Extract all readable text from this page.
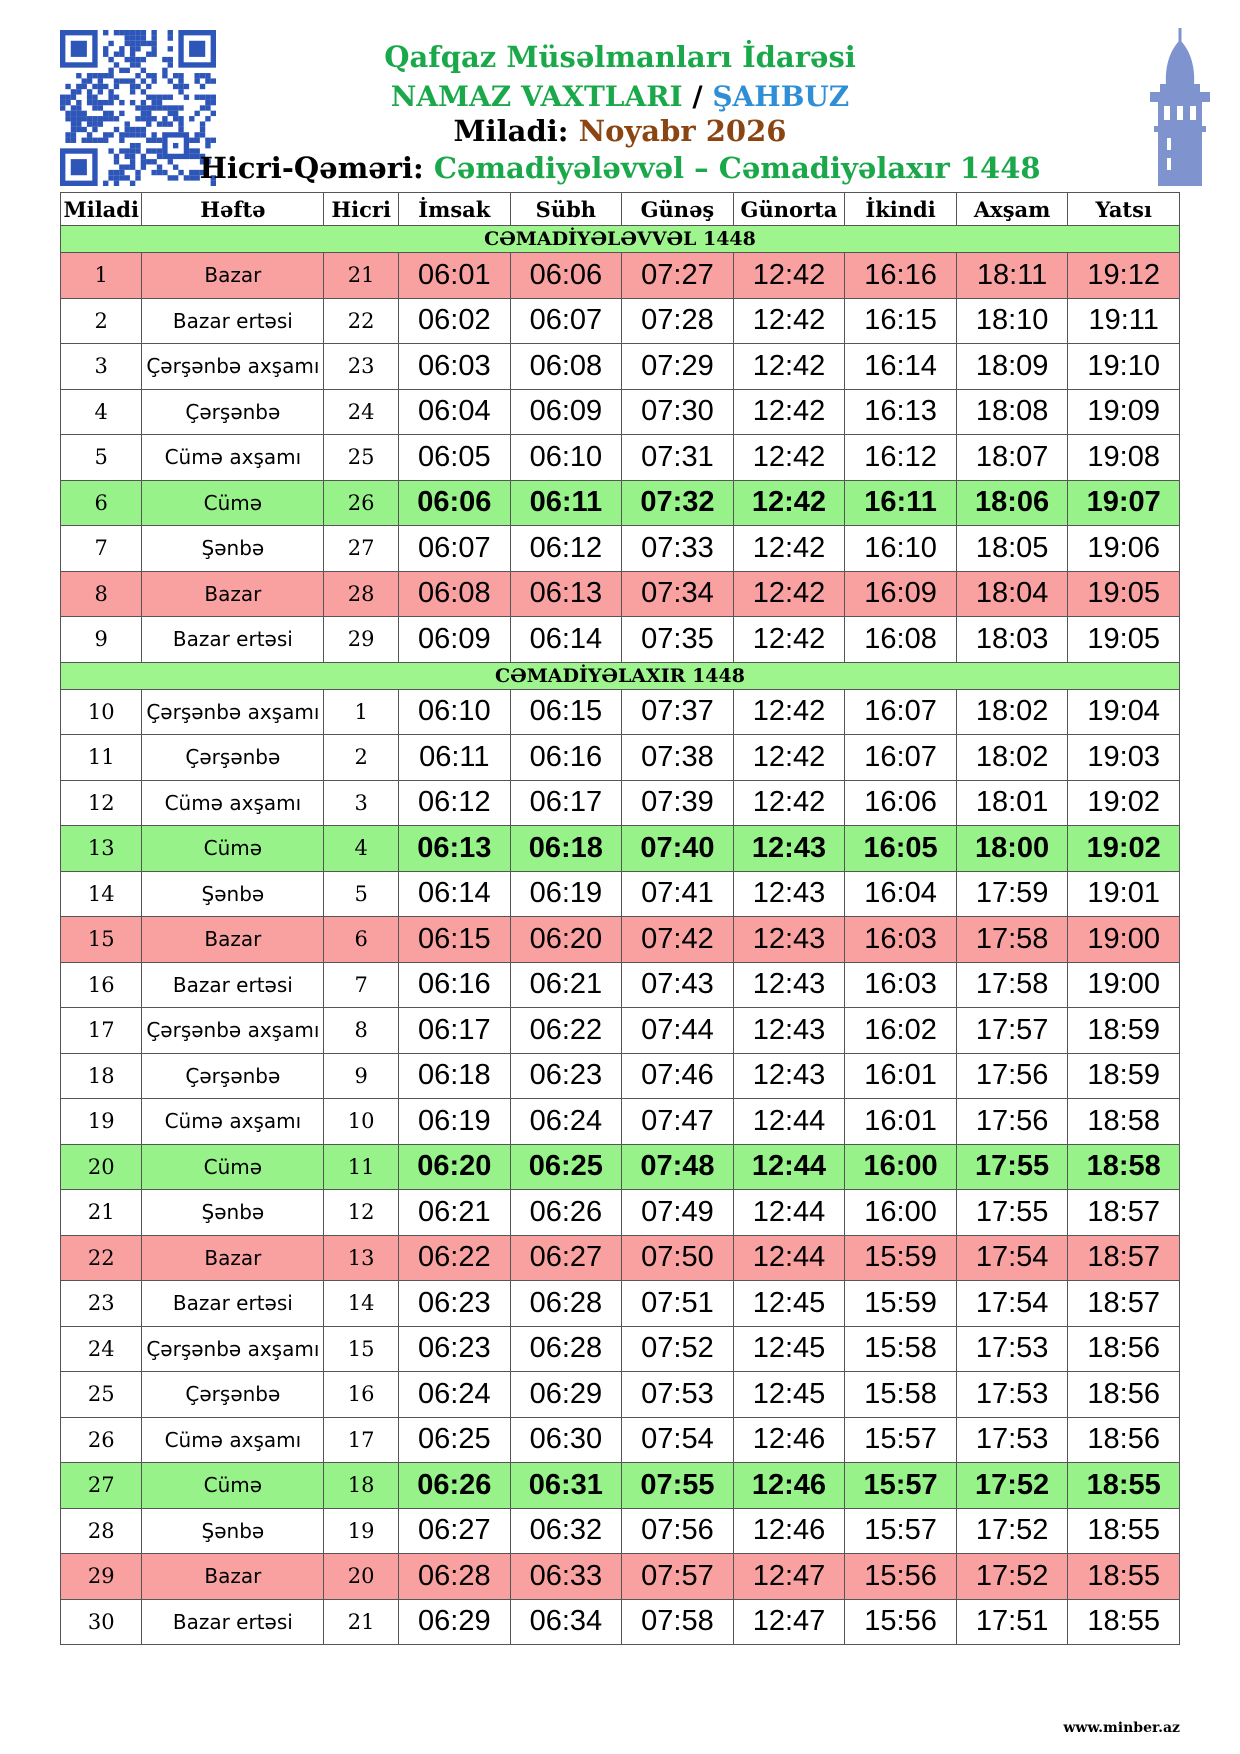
Qafqaz Müsəlmanları İdarəsi
NAMAZ VAXTLARI / ŞAHBUZ
Miladi: Noyabr 2026
Hicri-Qəməri: Cəmadiyələvvəl – Cəmadiyəlaxır 1448
Miladi	Həftə	Hicri	İmsak	Sübh	Günəş	Günorta	İkindi	Axşam	Yatsı
CƏMADİYƏLƏVVƏL 1448									
1	Bazar	21	06:01	06:06	07:27	12:42	16:16	18:11	19:12
2	Bazar ertəsi	22	06:02	06:07	07:28	12:42	16:15	18:10	19:11
3	Çərşənbə axşamı	23	06:03	06:08	07:29	12:42	16:14	18:09	19:10
4	Çərşənbə	24	06:04	06:09	07:30	12:42	16:13	18:08	19:09
5	Cümə axşamı	25	06:05	06:10	07:31	12:42	16:12	18:07	19:08
6	Cümə	26	06:06	06:11	07:32	12:42	16:11	18:06	19:07
7	Şənbə	27	06:07	06:12	07:33	12:42	16:10	18:05	19:06
8	Bazar	28	06:08	06:13	07:34	12:42	16:09	18:04	19:05
9	Bazar ertəsi	29	06:09	06:14	07:35	12:42	16:08	18:03	19:05
CƏMADİYƏLAXIR 1448									
10	Çərşənbə axşamı	1	06:10	06:15	07:37	12:42	16:07	18:02	19:04
11	Çərşənbə	2	06:11	06:16	07:38	12:42	16:07	18:02	19:03
12	Cümə axşamı	3	06:12	06:17	07:39	12:42	16:06	18:01	19:02
13	Cümə	4	06:13	06:18	07:40	12:43	16:05	18:00	19:02
14	Şənbə	5	06:14	06:19	07:41	12:43	16:04	17:59	19:01
15	Bazar	6	06:15	06:20	07:42	12:43	16:03	17:58	19:00
16	Bazar ertəsi	7	06:16	06:21	07:43	12:43	16:03	17:58	19:00
17	Çərşənbə axşamı	8	06:17	06:22	07:44	12:43	16:02	17:57	18:59
18	Çərşənbə	9	06:18	06:23	07:46	12:43	16:01	17:56	18:59
19	Cümə axşamı	10	06:19	06:24	07:47	12:44	16:01	17:56	18:58
20	Cümə	11	06:20	06:25	07:48	12:44	16:00	17:55	18:58
21	Şənbə	12	06:21	06:26	07:49	12:44	16:00	17:55	18:57
22	Bazar	13	06:22	06:27	07:50	12:44	15:59	17:54	18:57
23	Bazar ertəsi	14	06:23	06:28	07:51	12:45	15:59	17:54	18:57
24	Çərşənbə axşamı	15	06:23	06:28	07:52	12:45	15:58	17:53	18:56
25	Çərşənbə	16	06:24	06:29	07:53	12:45	15:58	17:53	18:56
26	Cümə axşamı	17	06:25	06:30	07:54	12:46	15:57	17:53	18:56
27	Cümə	18	06:26	06:31	07:55	12:46	15:57	17:52	18:55
28	Şənbə	19	06:27	06:32	07:56	12:46	15:57	17:52	18:55
29	Bazar	20	06:28	06:33	07:57	12:47	15:56	17:52	18:55
30	Bazar ertəsi	21	06:29	06:34	07:58	12:47	15:56	17:51	18:55
www.minber.az
